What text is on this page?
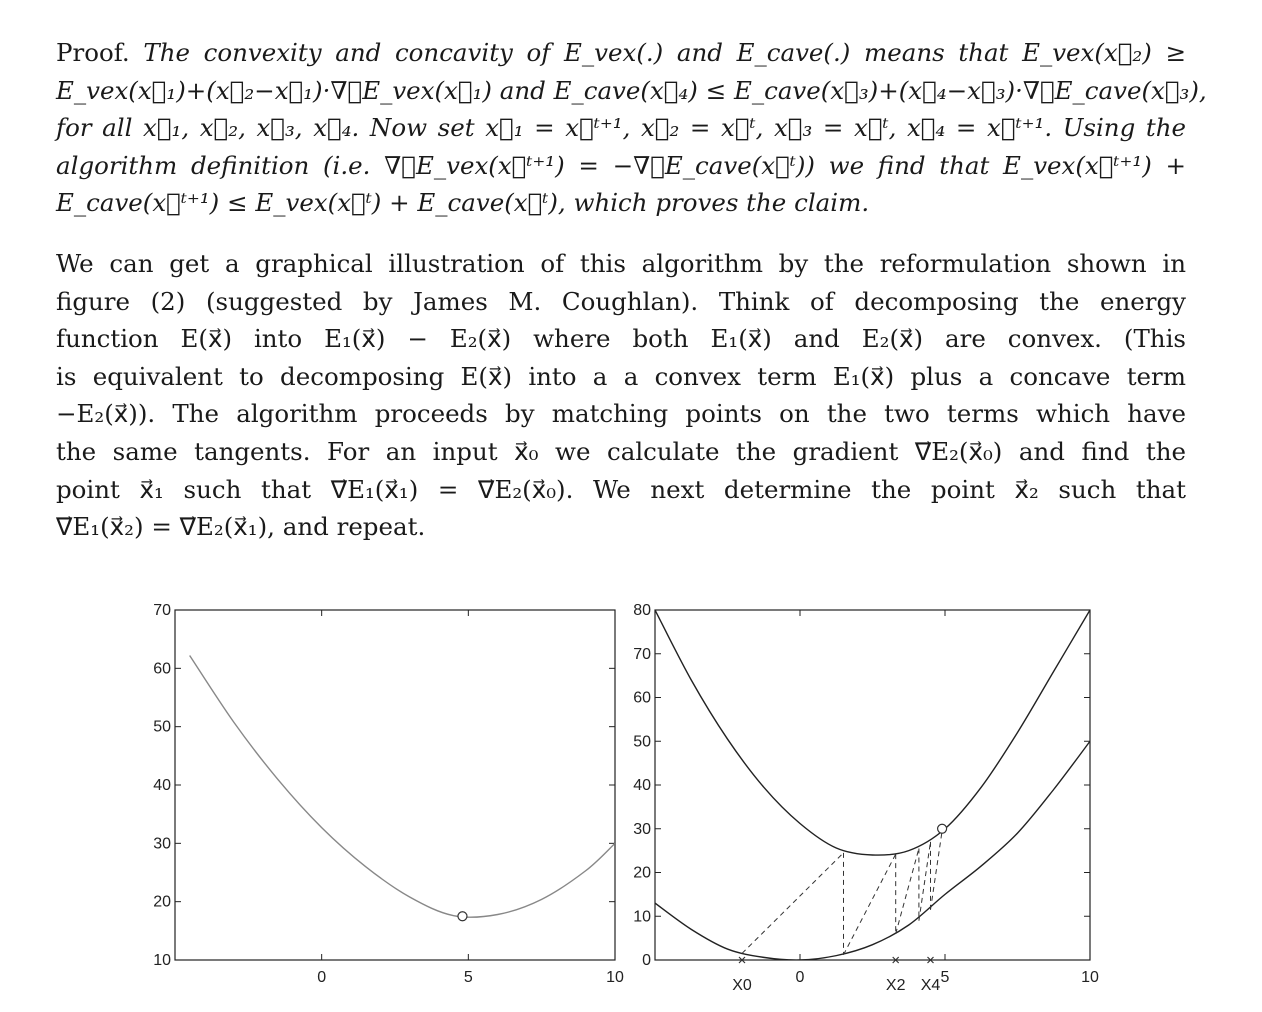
Proof. The convexity and concavity of E_vex(.) and E_cave(.) means that E_vex(x⃗₂) ≥
E_vex(x⃗₁)+(x⃗₂−x⃗₁)·∇⃗E_vex(x⃗₁) and E_cave(x⃗₄) ≤ E_cave(x⃗₃)+(x⃗₄−x⃗₃)·∇⃗E_cave(x⃗₃),
for all x⃗₁, x⃗₂, x⃗₃, x⃗₄. Now set x⃗₁ = x⃗ᵗ⁺¹, x⃗₂ = x⃗ᵗ, x⃗₃ = x⃗ᵗ, x⃗₄ = x⃗ᵗ⁺¹. Using the
algorithm definition (i.e. ∇⃗E_vex(x⃗ᵗ⁺¹) = −∇⃗E_cave(x⃗ᵗ)) we find that E_vex(x⃗ᵗ⁺¹) +
E_cave(x⃗ᵗ⁺¹) ≤ E_vex(x⃗ᵗ) + E_cave(x⃗ᵗ), which proves the claim.
We can get a graphical illustration of this algorithm by the reformulation shown in
figure (2) (suggested by James M. Coughlan). Think of decomposing the energy
function E(x⃗) into E₁(x⃗) − E₂(x⃗) where both E₁(x⃗) and E₂(x⃗) are convex. (This
is equivalent to decomposing E(x⃗) into a a convex term E₁(x⃗) plus a concave term
−E₂(x⃗)). The algorithm proceeds by matching points on the two terms which have
the same tangents. For an input x⃗₀ we calculate the gradient ∇⃗E₂(x⃗₀) and find the
point x⃗₁ such that ∇⃗E₁(x⃗₁) = ∇⃗E₂(x⃗₀). We next determine the point x⃗₂ such that
∇⃗E₁(x⃗₂) = ∇⃗E₂(x⃗₁), and repeat.
10
20
30
40
50
60
70
0	5	10
0
10
20
30
40
50
60
70
80
0	5	10
X0	X2 X4
